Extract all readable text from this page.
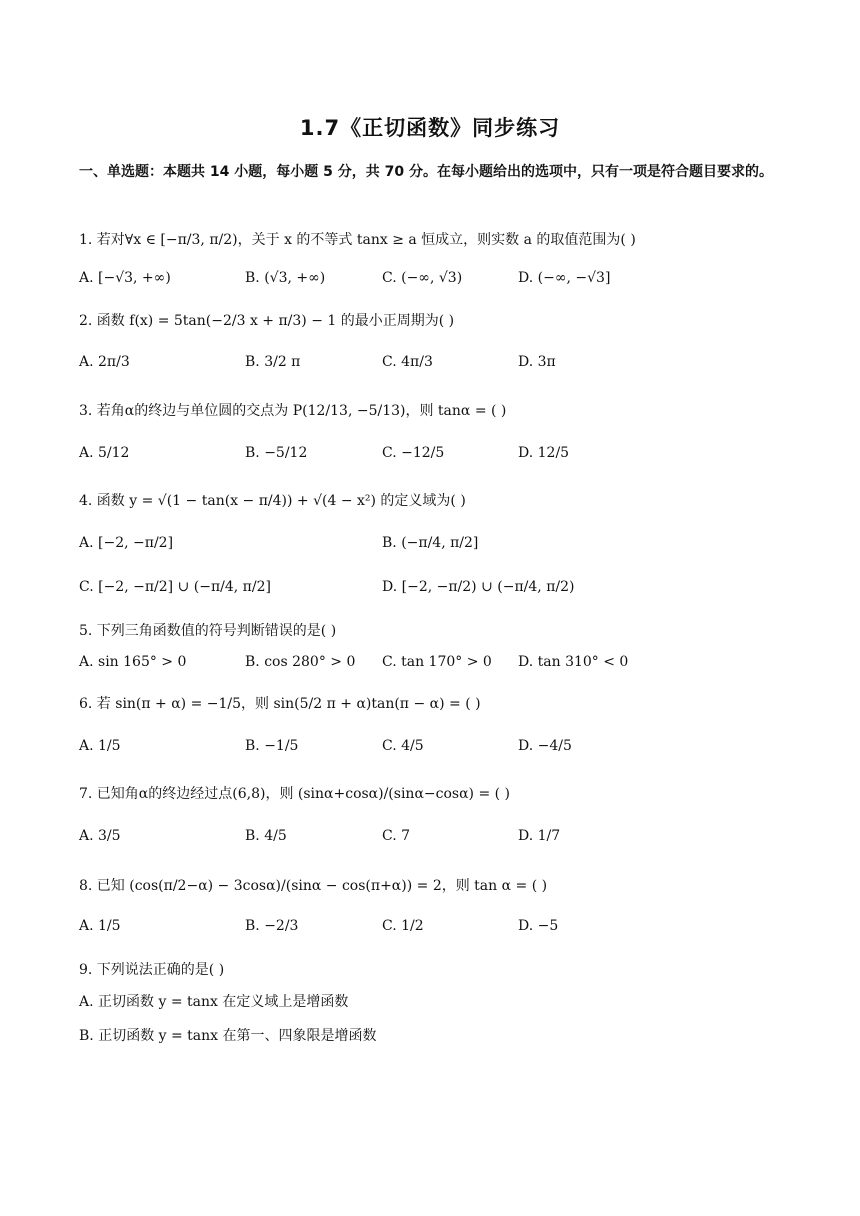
1.7《正切函数》同步练习
一、单选题：本题共 14 小题，每小题 5 分，共 70 分。在每小题给出的选项中，只有一项是符合题目要求的。
1. 若对∀x ∈ [−π/3, π/2)，关于 x 的不等式 tanx ≥ a 恒成立，则实数 a 的取值范围为( )
A. [−√3, +∞)	B. (√3, +∞)	C. (−∞, √3)	D. (−∞, −√3]
2. 函数 f(x) = 5tan(−2/3 x + π/3) − 1 的最小正周期为( )
A. 2π/3	B. 3/2 π	C. 4π/3	D. 3π
3. 若角α的终边与单位圆的交点为 P(12/13, −5/13)，则 tanα = ( )
A. 5/12	B. −5/12	C. −12/5	D. 12/5
4. 函数 y = √(1 − tan(x − π/4)) + √(4 − x²) 的定义域为( )
A. [−2, −π/2]	B. (−π/4, π/2]
C. [−2, −π/2] ∪ (−π/4, π/2]	D. [−2, −π/2) ∪ (−π/4, π/2)
5. 下列三角函数值的符号判断错误的是( )
A. sin 165° > 0	B. cos 280° > 0 C. tan 170° > 0 D. tan 310° < 0
6. 若 sin(π + α) = −1/5，则 sin(5/2 π + α)tan(π − α) = ( )
A. 1/5	B. −1/5	C. 4/5	D. −4/5
7. 已知角α的终边经过点(6,8)，则 (sinα+cosα)/(sinα−cosα) = ( )
A. 3/5	B. 4/5	C. 7	D. 1/7
8. 已知 (cos(π/2−α) − 3cosα)/(sinα − cos(π+α)) = 2，则 tan α = ( )
A. 1/5	B. −2/3	C. 1/2	D. −5
9. 下列说法正确的是( )
A. 正切函数 y = tanx 在定义域上是增函数
B. 正切函数 y = tanx 在第一、四象限是增函数
